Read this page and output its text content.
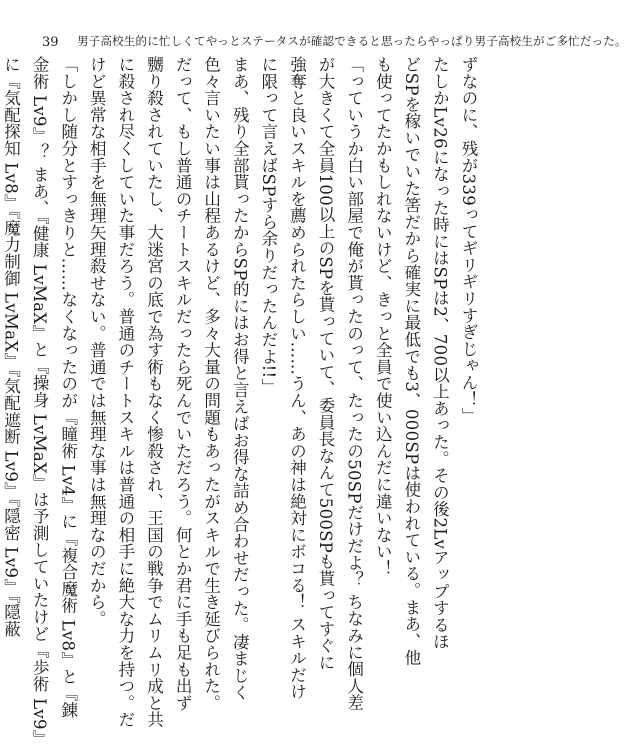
39 男子高校生的に忙しくてやっとステータスが確認できると思ったらやっぱり男子高校生がご多忙だった。
ずなのに、残が339ってギリギリすぎじゃん！」
たしかLv26になった時にはSPは2、700以上あった。その後2Lvアップするほ
どSPを稼いでいた筈だから確実に最低でも3、000SPは使われている。まあ、他
も使ってたかもしれないけど、きっと全員で使い込んだに違いない！
「っていうか白い部屋で俺が貰ったのって、たったの50SPだけだよ？ ちなみに個人差
が大きくて全員100以上のSPを貰っていて、委員長なんて500SPも貰ってすぐに
強奪と良いスキルを薦められたらしい……うん、あの神は絶対にボコる！ スキルだけ
に限って言えばSPすら余りだったんだよ!!」
まあ、残り全部貰ったからSP的にはお得と言えばお得な詰め合わせだった。凄まじく
色々言いたい事は山程あるけど、多々大量の問題もあったがスキルで生き延びられた。
だって、もし普通のチートスキルだったら死んでいただろう。何とか君に手も足も出ず
嬲り殺されていたし、大迷宮の底で為す術もなく惨殺され、王国の戦争でムリムリ成と共
に殺され尽くしていた事だろう。普通のチートスキルは普通の相手に絶大な力を持つ。だ
けど異常な相手を無理矢理殺せない。普通では無理な事は無理なのだから。
「しかし随分とすっきりと……なくなったのが『瞳術 Lv4』に『複合魔術 Lv8』と『錬
金術 Lv9』？ まあ、『健康 LvMaX』と『操身 LvMaX』は予測していたけど『歩術 Lv9』
に『気配探知 Lv8』『魔力制御 LvMaX』『気配遮断 Lv9』『隠密 Lv9』『隠蔽
